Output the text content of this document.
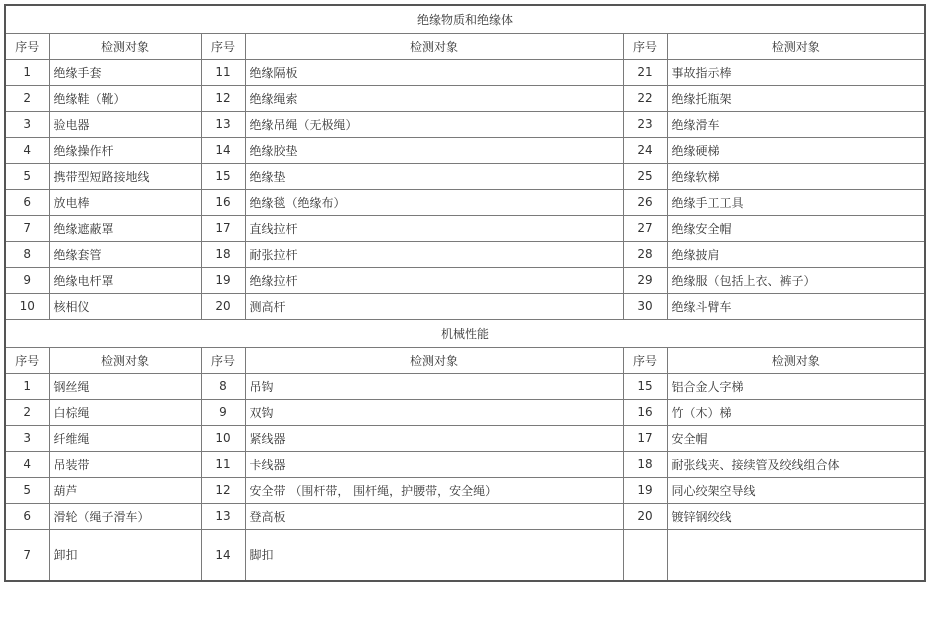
绝缘物质和绝缘体					
序号	检测对象	序号	检测对象	序号	检测对象
1	绝缘手套	11	绝缘隔板	21	事故指示棒
2	绝缘鞋（靴）	12	绝缘绳索	22	绝缘托瓶架
3	验电器	13	绝缘吊绳（无极绳）	23	绝缘滑车
4	绝缘操作杆	14	绝缘胶垫	24	绝缘硬梯
5	携带型短路接地线	15	绝缘垫	25	绝缘软梯
6	放电棒	16	绝缘毯（绝缘布）	26	绝缘手工工具
7	绝缘遮蔽罩	17	直线拉杆	27	绝缘安全帽
8	绝缘套管	18	耐张拉杆	28	绝缘披肩
9	绝缘电杆罩	19	绝缘拉杆	29	绝缘服（包括上衣、裤子）
10	核相仪	20	测高杆	30	绝缘斗臂车
机械性能					
序号	检测对象	序号	检测对象	序号	检测对象
1	钢丝绳	8	吊钩	15	铝合金人字梯
2	白棕绳	9	双钩	16	竹（木）梯
3	纤维绳	10	紧线器	17	安全帽
4	吊装带	11	卡线器	18	耐张线夹、接续管及绞线组合体
5	葫芦	12	安全带 （围杆带， 围杆绳，护腰带，安全绳）	19	同心绞架空导线
6	滑轮（绳子滑车）	13	登高板	20	镀锌钢绞线
7	卸扣	14	脚扣		
